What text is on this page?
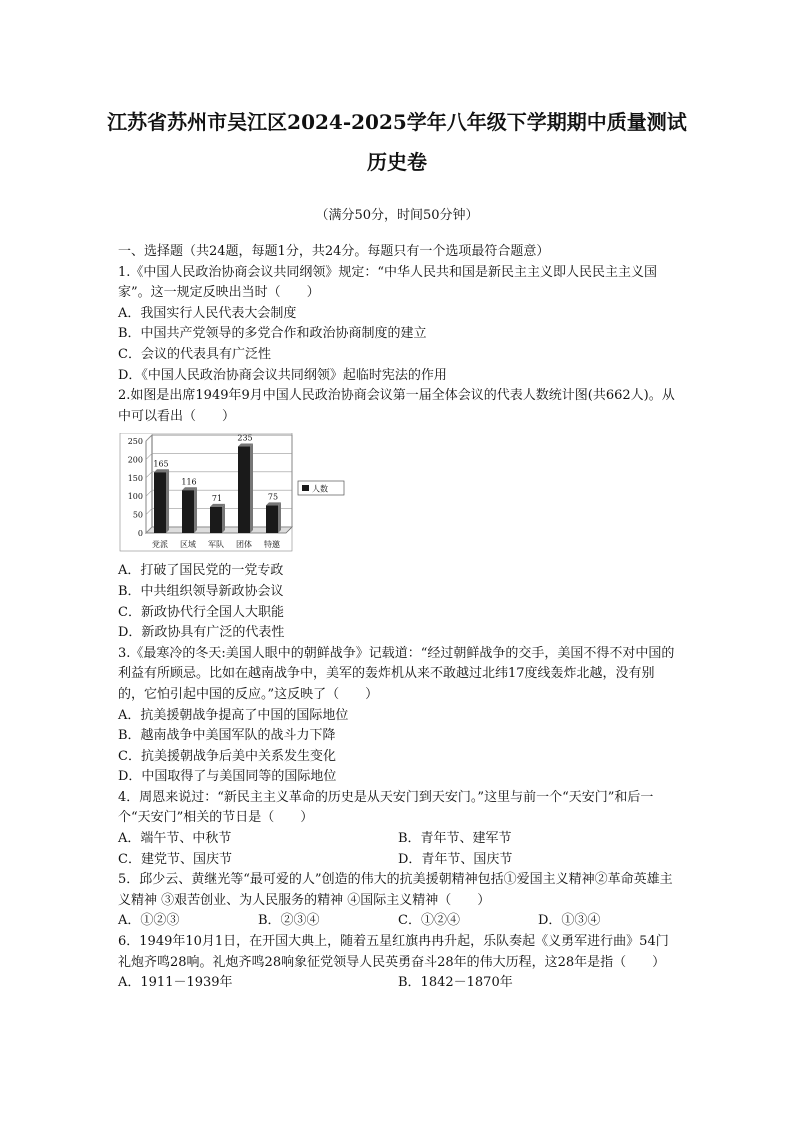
江苏省苏州市吴江区2024-2025学年八年级下学期期中质量测试
历史卷
（满分50分，时间50分钟）
一、选择题（共24题，每题1分，共24分。每题只有一个选项最符合题意）
1.《中国人民政治协商会议共同纲领》规定：“中华人民共和国是新民主主义即人民民主主义国家”。这一规定反映出当时（　　）
A．我国实行人民代表大会制度
B．中国共产党领导的多党合作和政治协商制度的建立
C．会议的代表具有广泛性
D．《中国人民政治协商会议共同纲领》起临时宪法的作用
2.如图是出席1949年9月中国人民政治协商会议第一届全体会议的代表人数统计图(共662人)。从中可以看出（　　）
0
50
100
150
200
250
165
党派
116
区域
71
军队
235
团体
75
特邀
人数
A．打破了国民党的一党专政
B．中共组织领导新政协会议
C．新政协代行全国人大职能
D．新政协具有广泛的代表性
3.《最寒冷的冬天:美国人眼中的朝鲜战争》记载道：“经过朝鲜战争的交手，美国不得不对中国的利益有所顾忌。比如在越南战争中，美军的轰炸机从来不敢越过北纬17度线轰炸北越，没有别的，它怕引起中国的反应。”这反映了（　　）
A．抗美援朝战争提高了中国的国际地位
B．越南战争中美国军队的战斗力下降
C．抗美援朝战争后美中关系发生变化
D．中国取得了与美国同等的国际地位
4．周恩来说过：“新民主主义革命的历史是从天安门到天安门。”这里与前一个“天安门”和后一个“天安门”相关的节日是（　　）
A．端午节、中秋节	B．青年节、建军节
C．建党节、国庆节	D．青年节、国庆节
5．邱少云、黄继光等“最可爱的人”创造的伟大的抗美援朝精神包括①爱国主义精神②革命英雄主义精神 ③艰苦创业、为人民服务的精神 ④国际主义精神（　　）
A．①②③	B．②③④	C．①②④	D．①③④
6．1949年10月1日，在开国大典上，随着五星红旗冉冉升起，乐队奏起《义勇军进行曲》54门礼炮齐鸣28响。礼炮齐鸣28响象征党领导人民英勇奋斗28年的伟大历程，这28年是指（　　）
A．1911－1939年	B．1842－1870年
